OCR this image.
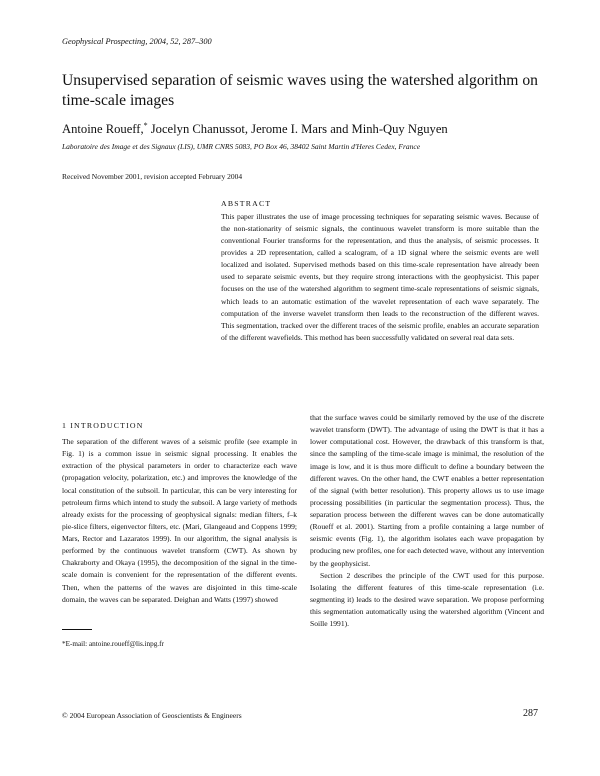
Geophysical Prospecting, 2004, 52, 287–300
Unsupervised separation of seismic waves using the watershed algorithm on time-scale images
Antoine Roueff,* Jocelyn Chanussot, Jerome I. Mars and Minh-Quy Nguyen
Laboratoire des Image et des Signaux (LIS), UMR CNRS 5083, PO Box 46, 38402 Saint Martin d'Heres Cedex, France
Received November 2001, revision accepted February 2004
ABSTRACT

This paper illustrates the use of image processing techniques for separating seismic waves. Because of the non-stationarity of seismic signals, the continuous wavelet transform is more suitable than the conventional Fourier transforms for the representation, and thus the analysis, of seismic processes. It provides a 2D representation, called a scalogram, of a 1D signal where the seismic events are well localized and isolated. Supervised methods based on this time-scale representation have already been used to separate seismic events, but they require strong interactions with the geophysicist. This paper focuses on the use of the watershed algorithm to segment time-scale representations of seismic signals, which leads to an automatic estimation of the wavelet representation of each wave separately. The computation of the inverse wavelet transform then leads to the reconstruction of the different waves. This segmentation, tracked over the different traces of the seismic profile, enables an accurate separation of the different wavefields. This method has been successfully validated on several real data sets.

1 INTRODUCTION

The separation of the different waves of a seismic profile (see example in Fig. 1) is a common issue in seismic signal processing. It enables the extraction of the physical parameters in order to characterize each wave (propagation velocity, polarization, etc.) and improves the knowledge of the local constitution of the subsoil. In particular, this can be very interesting for petroleum firms which intend to study the subsoil. A large variety of methods already exists for the processing of geophysical signals: median filters, f–k pie-slice filters, eigenvector filters, etc. (Mari, Glangeaud and Coppens 1999; Mars, Rector and Lazaratos 1999). In our algorithm, the signal analysis is performed by the continuous wavelet transform (CWT). As shown by Chakraborty and Okaya (1995), the decomposition of the signal in the time-scale domain is convenient for the representation of the different events. Then, when the patterns of the waves are disjointed in this time-scale domain, the waves can be separated. Deighan and Watts (1997) showed

that the surface waves could be similarly removed by the use of the discrete wavelet transform (DWT). The advantage of using the DWT is that it has a lower computational cost. However, the drawback of this transform is that, since the sampling of the time-scale image is minimal, the resolution of the image is low, and it is thus more difficult to define a boundary between the different waves. On the other hand, the CWT enables a better representation of the signal (with better resolution). This property allows us to use image processing possibilities (in particular the segmentation process). Thus, the separation process between the different waves can be done automatically (Roueff et al. 2001). Starting from a profile containing a large number of seismic events (Fig. 1), the algorithm isolates each wave propagation by producing new profiles, one for each detected wave, without any intervention by the geophysicist.

Section 2 describes the principle of the CWT used for this purpose. Isolating the different features of this time-scale representation (i.e. segmenting it) leads to the desired wave separation. We propose performing this segmentation automatically using the watershed algorithm (Vincent and Soille 1991).

*E-mail: antoine.roueff@lis.inpg.fr
© 2004 European Association of Geoscientists & Engineers	287
